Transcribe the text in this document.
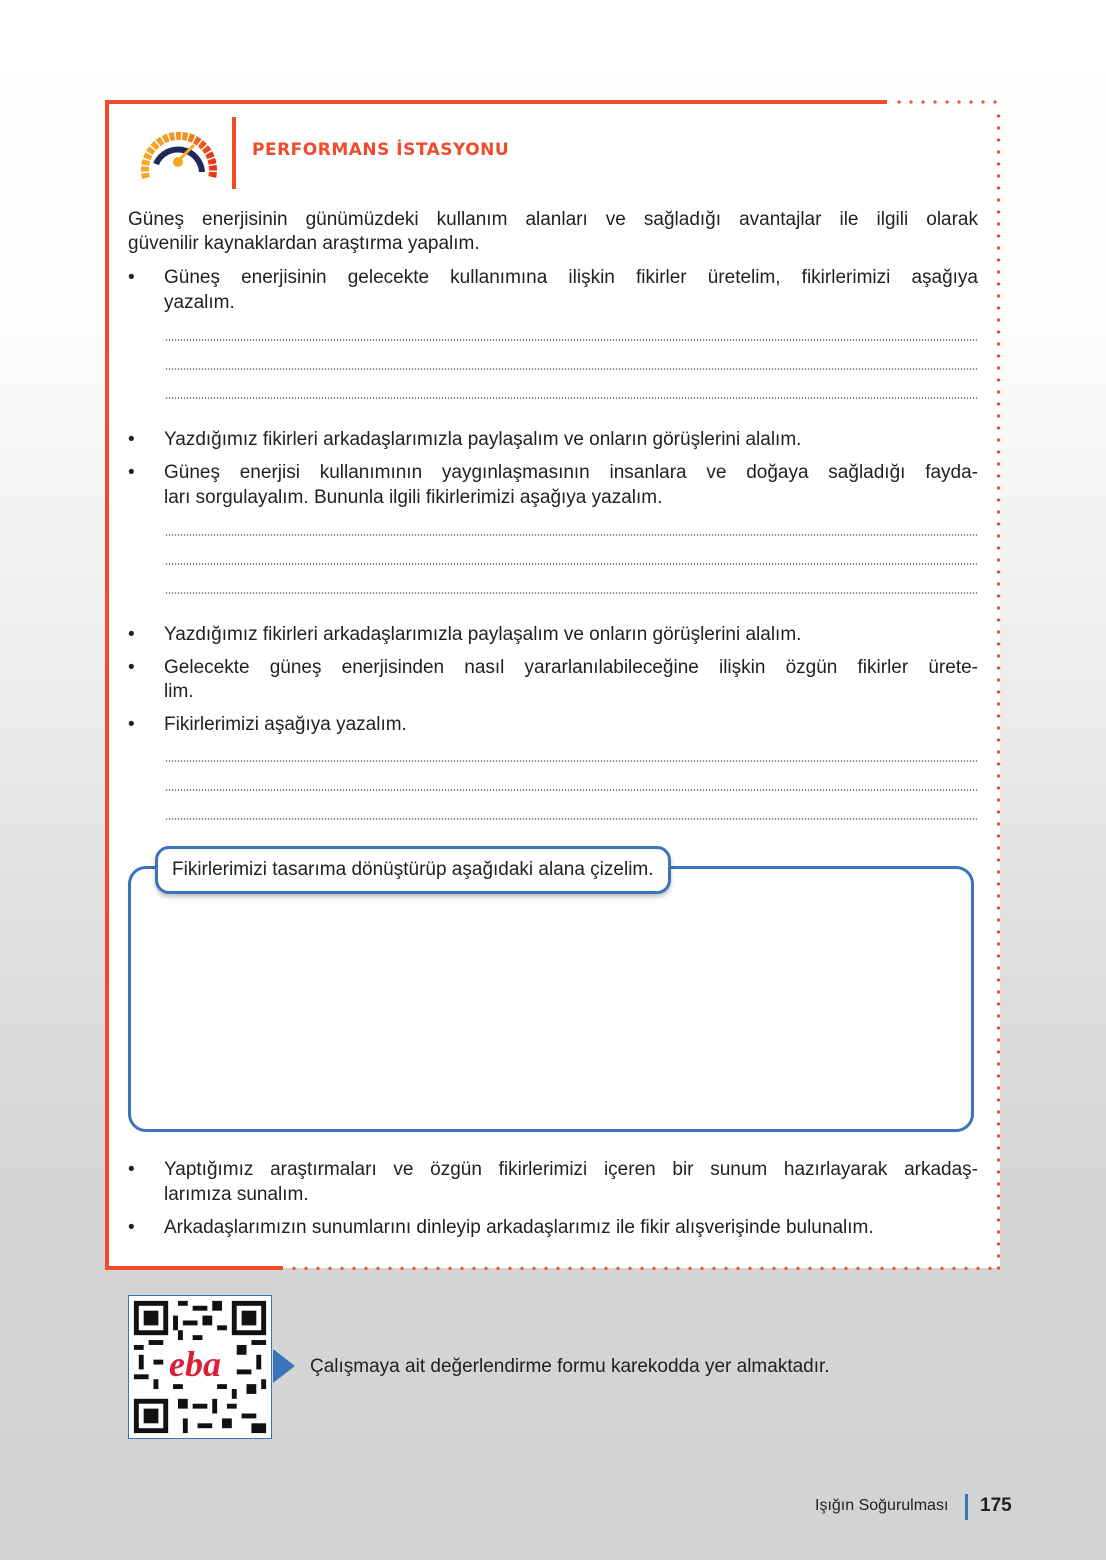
PERFORMANS İSTASYONU
Güneş enerjisinin günümüzdeki kullanım alanları ve sağladığı avantajlar ile ilgili olarak
güvenilir kaynaklardan araştırma yapalım.
• Güneş enerjisinin gelecekte kullanımına ilişkin fikirler üretelim, fikirlerimizi aşağıya
yazalım.
• Yazdığımız fikirleri arkadaşlarımızla paylaşalım ve onların görüşlerini alalım.
• Güneş enerjisi kullanımının yaygınlaşmasının insanlara ve doğaya sağladığı fayda-
ları sorgulayalım. Bununla ilgili fikirlerimizi aşağıya yazalım.
• Yazdığımız fikirleri arkadaşlarımızla paylaşalım ve onların görüşlerini alalım.
• Gelecekte güneş enerjisinden nasıl yararlanılabileceğine ilişkin özgün fikirler ürete-
lim.
• Fikirlerimizi aşağıya yazalım.
Fikirlerimizi tasarıma dönüştürüp aşağıdaki alana çizelim.
• Yaptığımız araştırmaları ve özgün fikirlerimizi içeren bir sunum hazırlayarak arkadaş-
larımıza sunalım.
• Arkadaşlarımızın sunumlarını dinleyip arkadaşlarımız ile fikir alışverişinde bulunalım.
eba	Çalışmaya ait değerlendirme formu karekodda yer almaktadır.
Işığın Soğurulması 175
